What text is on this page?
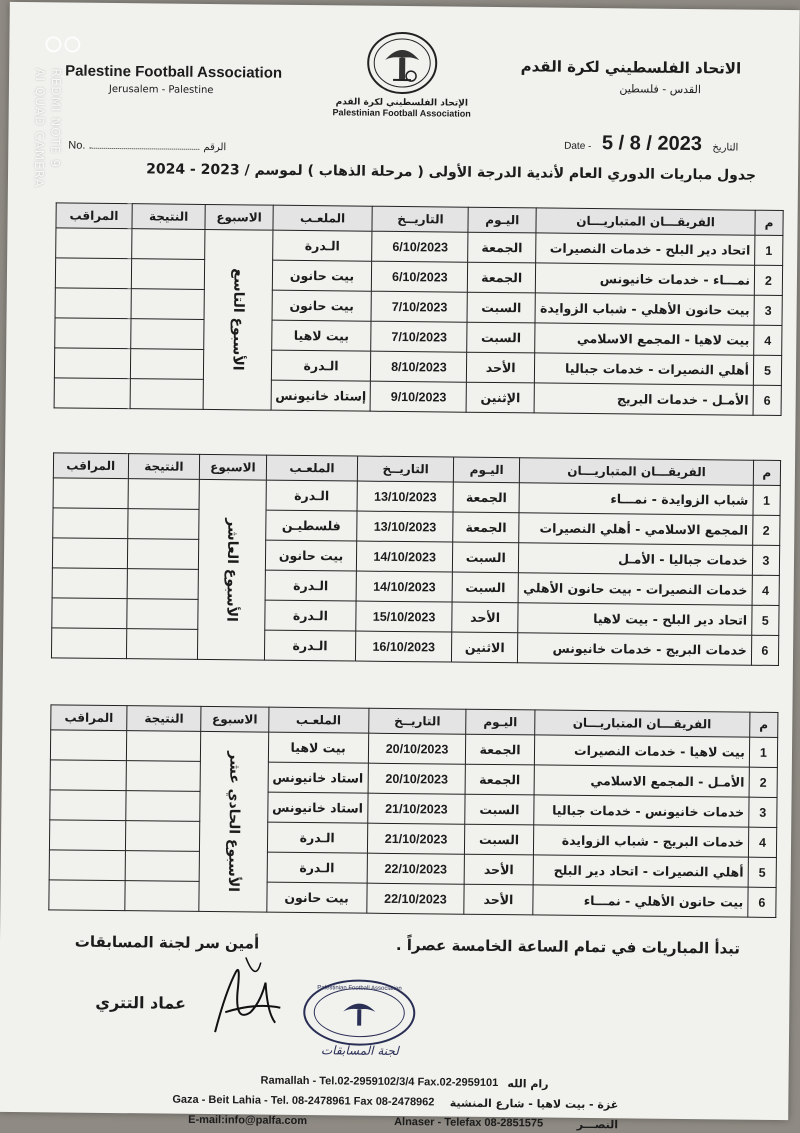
REDMI NOTE 9
AI QUAD CAMERA Palestine Football Association
Jerusalem - Palestine
الاتحاد الفلسطيني لكرة القدم
القدس - فلسطين
الإتحاد الفلسطيني لكرة القدم
Palestinian Football Association
No.	الرقم	Date - 5 / 8 / 2023 التاريخ
جدول مباريات الدوري العام لأندية الدرجة الأولى ( مرحلة الذهاب ) لموسم / 2023 - 2024
م	الفريقـــان المتباريـــان	اليـوم	التاريــخ	الملعـب	الاسبوع	النتيجة	المراقب
1	اتحاد دير البلح - خدمات النصيرات	الجمعة	6/10/2023	الـدرة	الأسبوع التاسع		

2	نمـــاء - خدمات خانيونس	الجمعة	6/10/2023	بيت حانون			
3	بيت حانون الأهلي - شباب الزوايدة	السبت	7/10/2023	بيت حانون			
4	بيت لاهيا - المجمع الاسلامي	السبت	7/10/2023	بيت لاهيا			
5	أهلي النصيرات - خدمات جباليا	الأحد	8/10/2023	الـدرة			
6	الأمـل - خدمات البريج	الإثنين	9/10/2023	إستاد خانيونس			
م	الفريقـــان المتباريـــان	اليـوم	التاريــخ	الملعـب	الاسبوع	النتيجة	المراقب
1	شباب الزوايدة - نمـــاء	الجمعة	13/10/2023	الـدرة	الأسبوع العاشر		

2	المجمع الاسلامي - أهلي النصيرات	الجمعة	13/10/2023	فلسطيـن			
3	خدمات جباليا - الأمـل	السبت	14/10/2023	بيت حانون			
4	خدمات النصيرات - بيت حانون الأهلي	السبت	14/10/2023	الـدرة			
5	اتحاد دير البلح - بيت لاهيا	الأحد	15/10/2023	الـدرة			
6	خدمات البريج - خدمات خانيونس	الاثنين	16/10/2023	الـدرة			
م	الفريقـــان المتباريـــان	اليـوم	التاريــخ	الملعـب	الاسبوع	النتيجة	المراقب
1	بيت لاهيا - خدمات النصيرات	الجمعة	20/10/2023	بيت لاهيا	الأسبوع الحادي عشر		

2	الأمـل - المجمع الاسلامي	الجمعة	20/10/2023	استاد خانيونس			
3	خدمات خانيونس - خدمات جباليا	السبت	21/10/2023	استاد خانيونس			
4	خدمات البريج - شباب الزوايدة	السبت	21/10/2023	الـدرة			
5	أهلي النصيرات - اتحاد دير البلح	الأحد	22/10/2023	الـدرة			
6	بيت حانون الأهلي - نمـــاء	الأحد	22/10/2023	بيت حانون			
تبدأ المباريات في تمام الساعة الخامسة عصراً .
أمين سر لجنة المسابقات
عماد التتري
Palestinian Football Association
لجنة المسابقات
Ramallah - Tel.02-2959102/3/4 Fax.02-2959101 رام الله
Gaza - Beit Lahia - Tel. 08-2478961 Fax 08-2478962 غزة - بيت لاهيا - شارع المنشية
E-mail:info@palfa.com	Alnaser - Telefax 08-2851575	النصـــر
